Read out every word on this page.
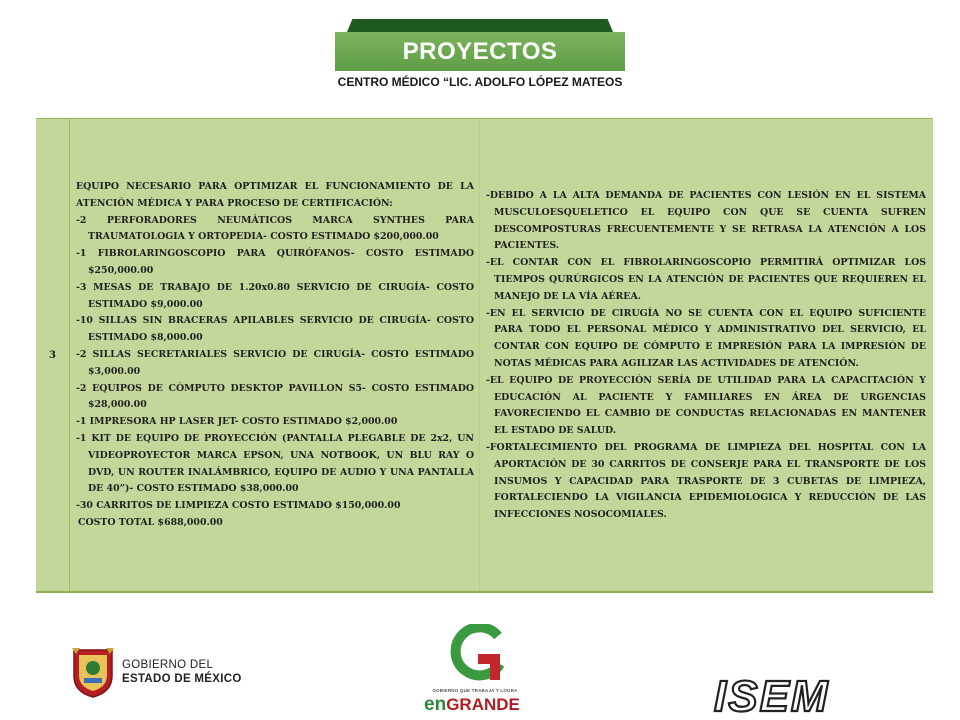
PROYECTOS
CENTRO MÉDICO “LIC. ADOLFO LÓPEZ MATEOS
3

EQUIPO NECESARIO PARA OPTIMIZAR EL FUNCIONAMIENTO DE LA ATENCIÓN MÉDICA Y PARA PROCESO DE CERTIFICACIÓN:

-2 PERFORADORES NEUMÁTICOS MARCA SYNTHES PARA TRAUMATOLOGIA Y ORTOPEDIA- COSTO ESTIMADO $200,000.00

-1 FIBROLARINGOSCOPIO PARA QUIRÓFANOS- COSTO ESTIMADO $250,000.00

-3 MESAS DE TRABAJO DE 1.20x0.80 SERVICIO DE CIRUGÍA- COSTO ESTIMADO $9,000.00

-10 SILLAS SIN BRACERAS APILABLES SERVICIO DE CIRUGÍA- COSTO ESTIMADO $8,000.00

-2 SILLAS SECRETARIALES SERVICIO DE CIRUGÍA- COSTO ESTIMADO $3,000.00

-2 EQUIPOS DE CÓMPUTO DESKTOP PAVILLON S5- COSTO ESTIMADO $28,000.00

-1 IMPRESORA HP LASER JET- COSTO ESTIMADO $2,000.00

-1 KIT DE EQUIPO DE PROYECCIÓN (PANTALLA PLEGABLE DE 2x2, UN VIDEOPROYECTOR MARCA EPSON, UNA NOTBOOK, UN BLU RAY O DVD, UN ROUTER INALÁMBRICO, EQUIPO DE AUDIO Y UNA PANTALLA DE 40”)- COSTO ESTIMADO $38,000.00

-30 CARRITOS DE LIMPIEZA COSTO ESTIMADO $150,000.00

COSTO TOTAL $688,000.00

-DEBIDO A LA ALTA DEMANDA DE PACIENTES CON LESIÓN EN EL SISTEMA MUSCULOESQUELETICO EL EQUIPO CON QUE SE CUENTA SUFREN DESCOMPOSTURAS FRECUENTEMENTE Y SE RETRASA LA ATENCIÓN A LOS PACIENTES.

-EL CONTAR CON EL FIBROLARINGOSCOPIO PERMITIRÁ OPTIMIZAR LOS TIEMPOS QURÚRGICOS EN LA ATENCIÓN DE PACIENTES QUE REQUIEREN EL MANEJO DE LA VÍA AÉREA.

-EN EL SERVICIO DE CIRUGÍA NO SE CUENTA CON EL EQUIPO SUFICIENTE PARA TODO EL PERSONAL MÉDICO Y ADMINISTRATIVO DEL SERVICIO, EL CONTAR CON EQUIPO DE CÓMPUTO E IMPRESIÓN PARA LA IMPRESIÓN DE NOTAS MÉDICAS PARA AGILIZAR LAS ACTIVIDADES DE ATENCIÓN.

-EL EQUIPO DE PROYECCIÓN SERÍA DE UTILIDAD PARA LA CAPACITACIÓN Y EDUCACIÓN AL PACIENTE Y FAMILIARES EN ÁREA DE URGENCIAS FAVORECIENDO EL CAMBIO DE CONDUCTAS RELACIONADAS EN MANTENER EL ESTADO DE SALUD.

-FORTALECIMIENTO DEL PROGRAMA DE LIMPIEZA DEL HOSPITAL CON LA APORTACIÓN DE 30 CARRITOS DE CONSERJE PARA EL TRANSPORTE DE LOS INSUMOS Y CAPACIDAD PARA TRASPORTE DE 3 CUBETAS DE LIMPIEZA, FORTALECIENDO LA VIGILANCIA EPIDEMIOLOGICA Y REDUCCIÓN DE LAS INFECCIONES NOSOCOMIALES.

GOBIERNO DEL
ESTADO DE MÉXICO
GOBIERNO QUE TRABAJA Y LOGRA
enGRANDE	ISEM
